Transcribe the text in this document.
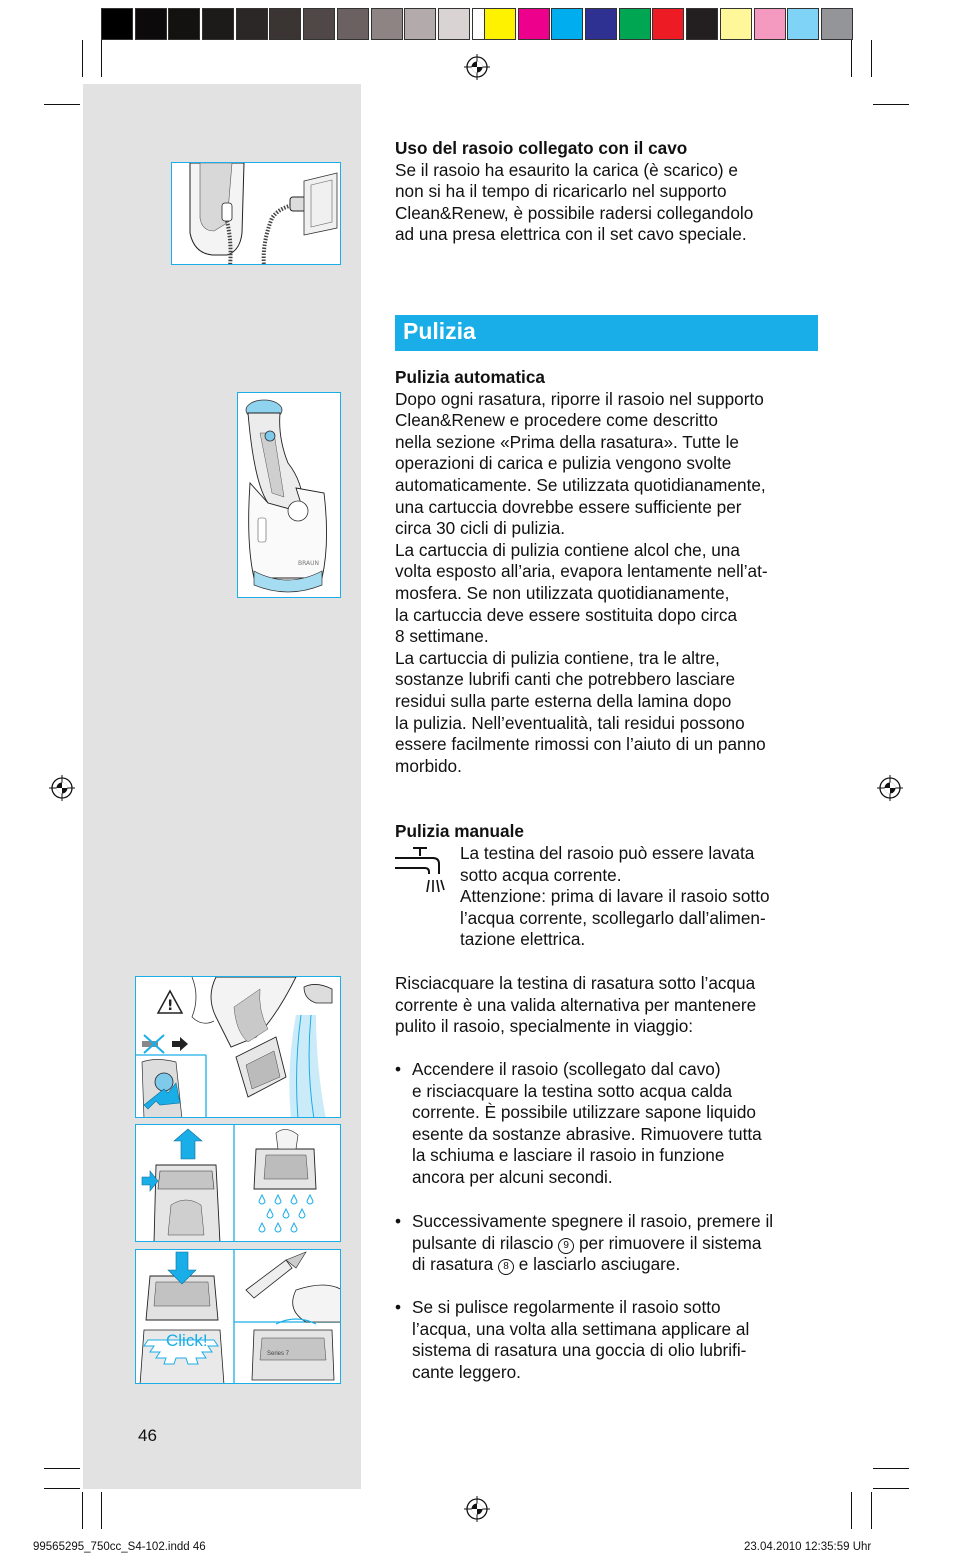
BRAUN
!
Click!
Series 7

Uso del rasoio collegato con il cavo

Se il rasoio ha esaurito la carica (è scarico) e
non si ha il tempo di ricaricarlo nel supporto
Clean&Renew, è possibile radersi collegandolo
ad una presa elettrica con il set cavo speciale.
Pulizia

Pulizia automatica

Dopo ogni rasatura, riporre il rasoio nel supporto
Clean&Renew e procedere come descritto
nella sezione «Prima della rasatura». Tutte le
operazioni di carica e pulizia vengono svolte
automaticamente. Se utilizzata quotidianamente,
una cartuccia dovrebbe essere sufficiente per
circa 30 cicli di pulizia.
La cartuccia di pulizia contiene alcol che, una
volta esposto all’aria, evapora lentamente nell’at-
mosfera. Se non utilizzata quotidianamente,
la cartuccia deve essere sostituita dopo circa
8 settimane.
La cartuccia di pulizia contiene, tra le altre,
sostanze lubrifi canti che potrebbero lasciare
residui sulla parte esterna della lamina dopo
la pulizia. Nell’eventualità, tali residui possono
essere facilmente rimossi con l’aiuto di un panno
morbido.
Pulizia manuale
La testina del rasoio può essere lavata
sotto acqua corrente.
Attenzione: prima di lavare il rasoio sotto
l’acqua corrente, scollegarlo dall’alimen-
tazione elettrica.
Risciacquare la testina di rasatura sotto l’acqua
corrente è una valida alternativa per mantenere
pulito il rasoio, specialmente in viaggio:
• Accendere il rasoio (scollegato dal cavo)
e risciacquare la testina sotto acqua calda
corrente. È possibile utilizzare sapone liquido
esente da sostanze abrasive. Rimuovere tutta
la schiuma e lasciare il rasoio in funzione
ancora per alcuni secondi.
• Successivamente spegnere il rasoio, premere il
pulsante di rilascio 9 per rimuovere il sistema
di rasatura 8 e lasciarlo asciugare.
• Se si pulisce regolarmente il rasoio sotto
l’acqua, una volta alla settimana applicare al
sistema di rasatura una goccia di olio lubrifi-
cante leggero.
46
99565295_750cc_S4-102.indd 46	23.04.2010 12:35:59 Uhr
